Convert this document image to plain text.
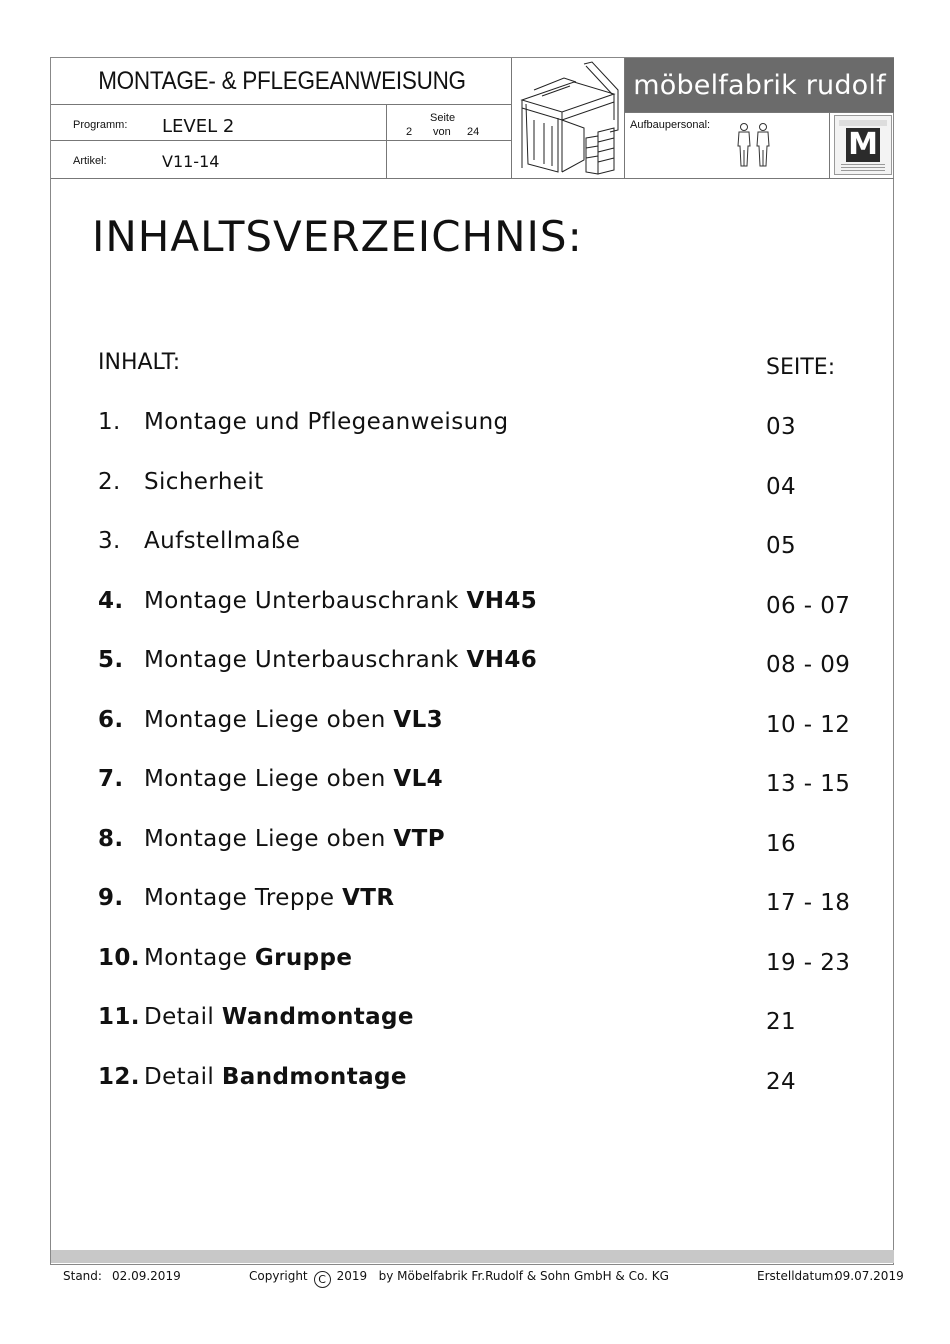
MONTAGE- & PFLEGEANWEISUNG
Programm: LEVEL 2
Artikel:	V11-14
Seite
2 von 24
möbelfabrik rudolf
Aufbaupersonal:
M
INHALTSVERZEICHNIS:
INHALT:	SEITE:
1. Montage und Pflegeanweisung	03
2. Sicherheit	04
3. Aufstellmaße	05
4. Montage Unterbauschrank VH45	06 - 07
5. Montage Unterbauschrank VH46	08 - 09
6. Montage Liege oben VL3	10 - 12
7. Montage Liege oben VL4	13 - 15
8. Montage Liege oben VTP	16
9. Montage Treppe VTR	17 - 18
10. Montage Gruppe	19 - 23
11. Detail Wandmontage	21
12. Detail Bandmontage	24
Stand: 02.09.2019	Copyright C 2019   by Möbelfabrik Fr.Rudolf & Sohn GmbH & Co. KG	Erstelldatum:
09.07.2019
